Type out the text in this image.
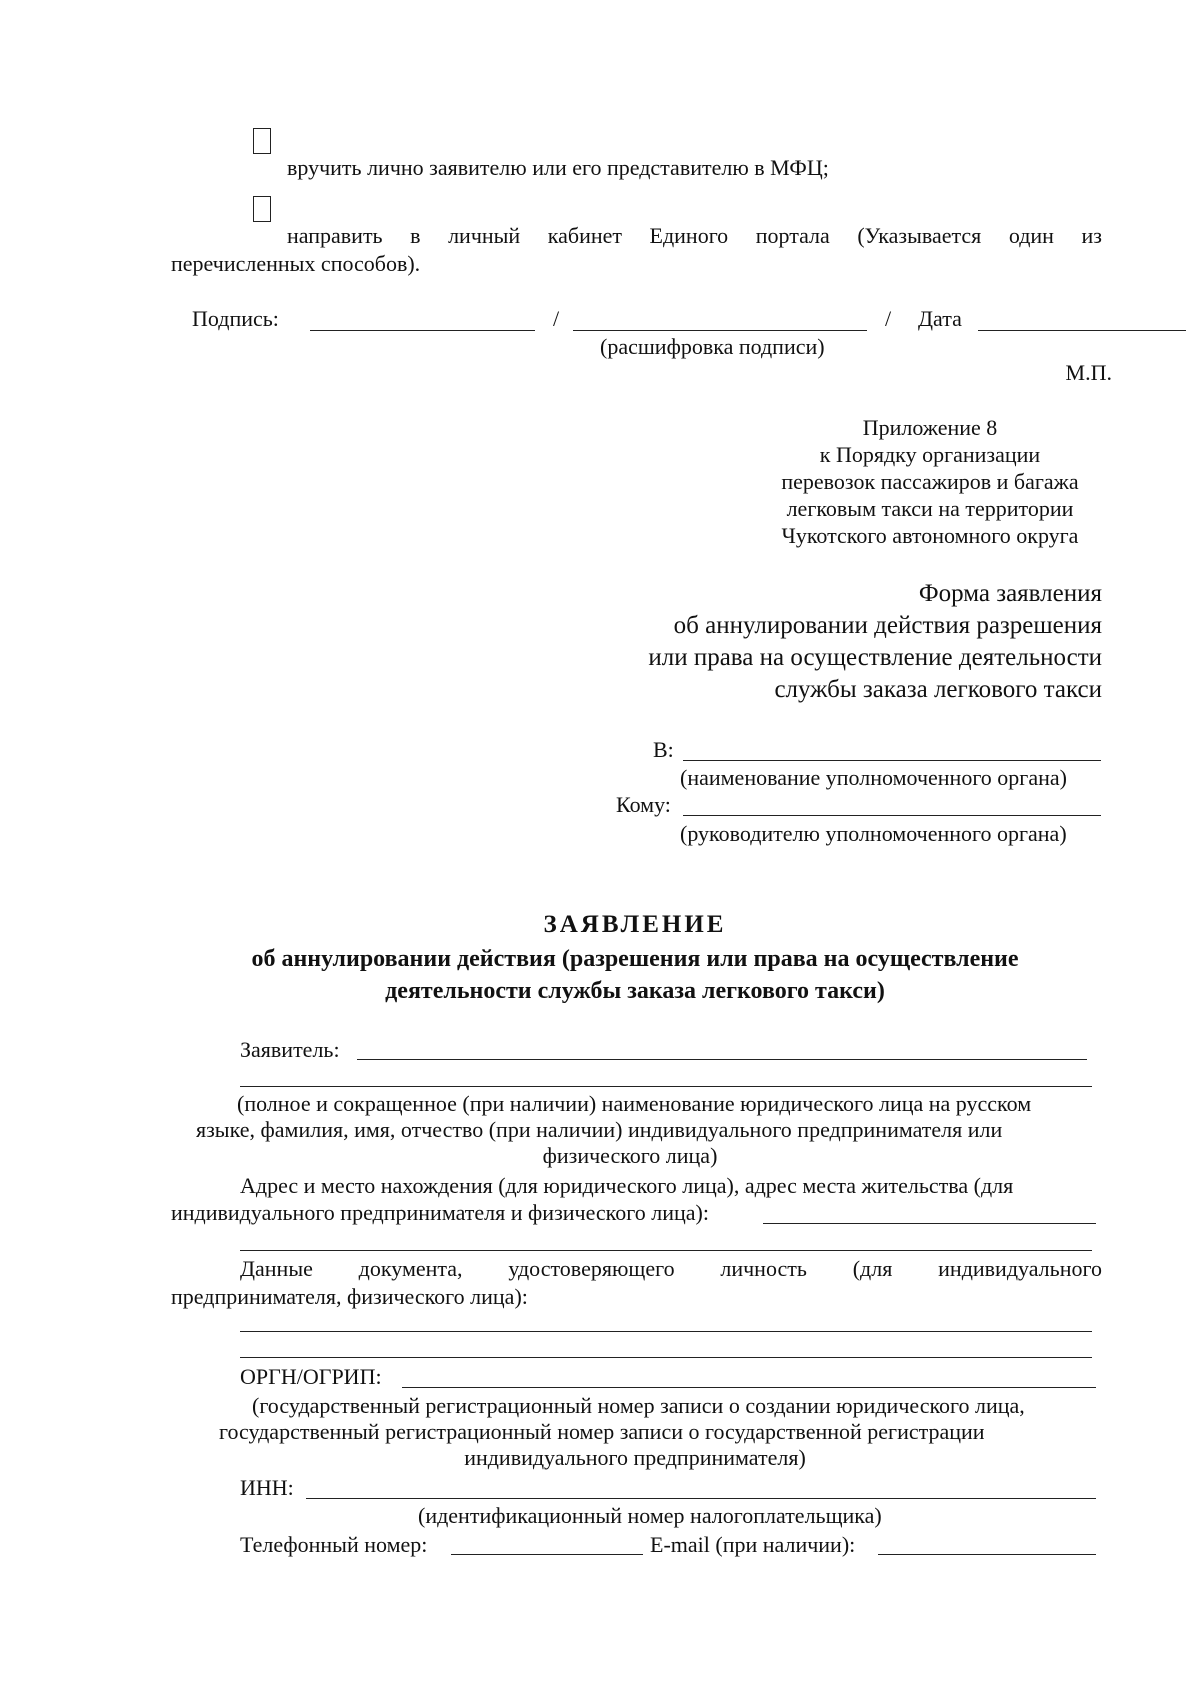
вручить лично заявителю или его представителю в МФЦ;
направить в личный кабинет Единого портала (Указывается один из
перечисленных способов).
Подпись:	/	/ Дата
(расшифровка подписи)
М.П.
Приложение 8
к Порядку организации
перевозок пассажиров и багажа
легковым такси на территории
Чукотского автономного округа
Форма заявления
об аннулировании действия разрешения
или права на осуществление деятельности
службы заказа легкового такси
В:
(наименование уполномоченного органа)
Кому:
(руководителю уполномоченного органа)
ЗАЯВЛЕНИЕ
об аннулировании действия (разрешения или права на осуществление
деятельности службы заказа легкового такси)
Заявитель:
(полное и сокращенное (при наличии) наименование юридического лица на русском
языке, фамилия, имя, отчество (при наличии) индивидуального предпринимателя или
физического лица)
Адрес и место нахождения (для юридического лица), адрес места жительства (для
индивидуального предпринимателя и физического лица):
Данные документа, удостоверяющего личность (для индивидуального
предпринимателя, физического лица):
ОРГН/ОГРИП:
(государственный регистрационный номер записи о создании юридического лица,
государственный регистрационный номер записи о государственной регистрации
индивидуального предпринимателя)
ИНН:
(идентификационный номер налогоплательщика)
Телефонный номер:	E-mail (при наличии):
